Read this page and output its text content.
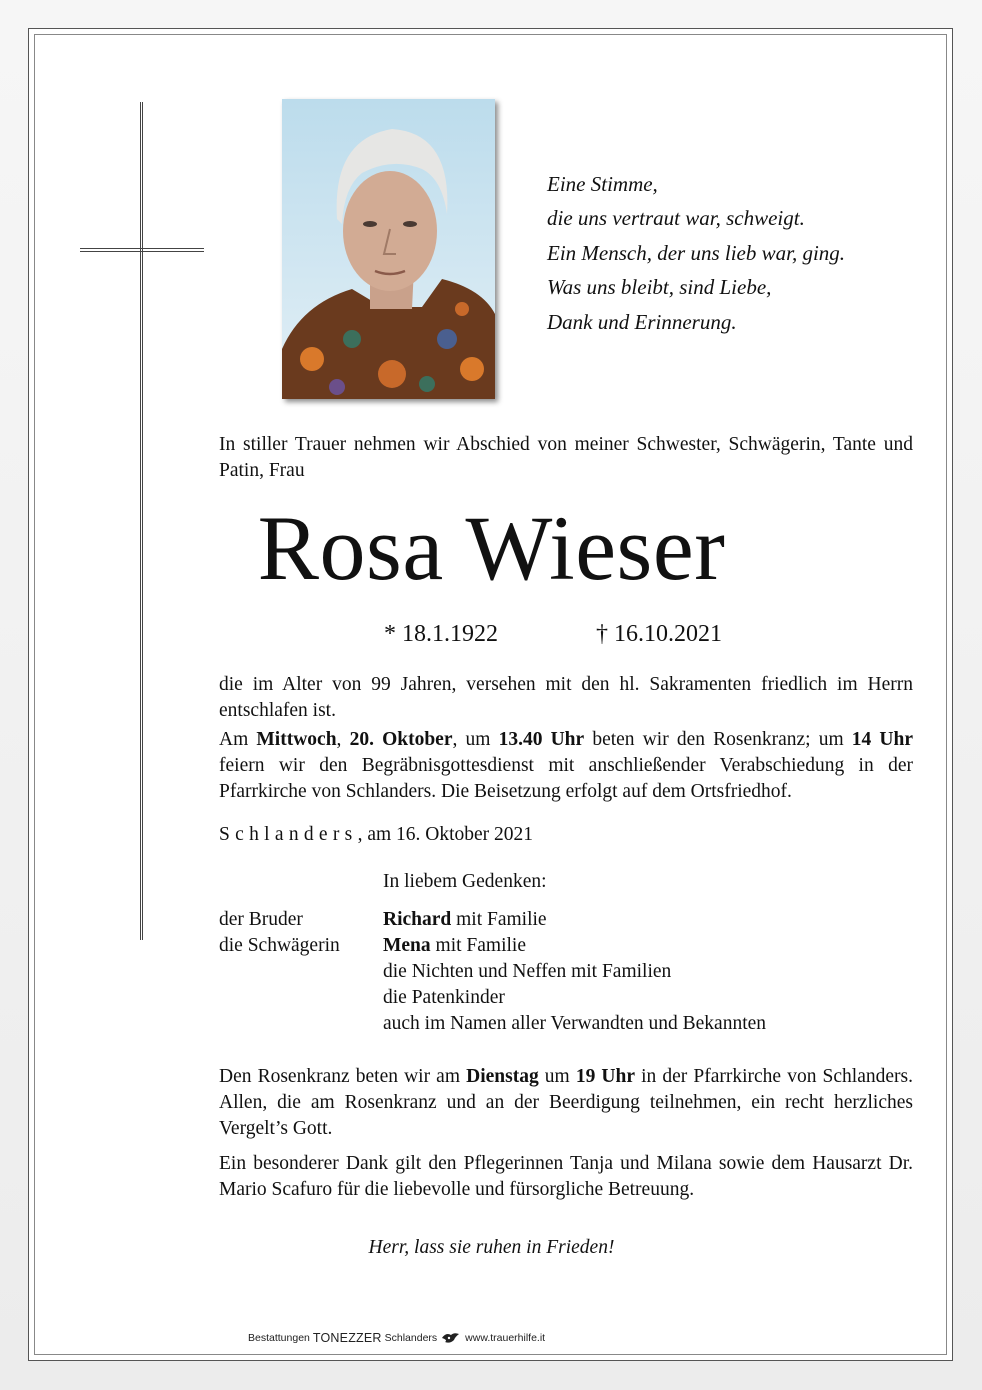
Eine Stimme,
die uns vertraut war, schweigt.
Ein Mensch, der uns lieb war, ging.
Was uns bleibt, sind Liebe,
Dank und Erinnerung.
In stiller Trauer nehmen wir Abschied von meiner Schwester, Schwägerin, Tante und Patin, Frau
Rosa Wieser
* 18.1.1922	† 16.10.2021
die im Alter von 99 Jahren, versehen mit den hl. Sakramenten friedlich im Herrn entschlafen ist.
Am Mittwoch, 20. Oktober, um 13.40 Uhr beten wir den Rosenkranz; um 14 Uhr feiern wir den Begräbnisgottesdienst mit anschließender Verabschiedung in der Pfarrkirche von Schlanders. Die Beisetzung erfolgt auf dem Ortsfriedhof.
Schlanders, am 16. Oktober 2021
In liebem Gedenken:
der Bruder	Richard mit Familie
die Schwägerin Mena mit Familie
die Nichten und Neffen mit Familien
die Patenkinder
auch im Namen aller Verwandten und Bekannten
Den Rosenkranz beten wir am Dienstag um 19 Uhr in der Pfarrkirche von Schlanders. Allen, die am Rosenkranz und an der Beerdigung teilnehmen, ein recht herzliches Vergelt’s Gott.
Ein besonderer Dank gilt den Pflegerinnen Tanja und Milana sowie dem Hausarzt Dr. Mario Scafuro für die liebevolle und fürsorgliche Betreuung.
Herr, lass sie ruhen in Frieden!
Bestattungen TONEZZER Schlanders	www.trauerhilfe.it
